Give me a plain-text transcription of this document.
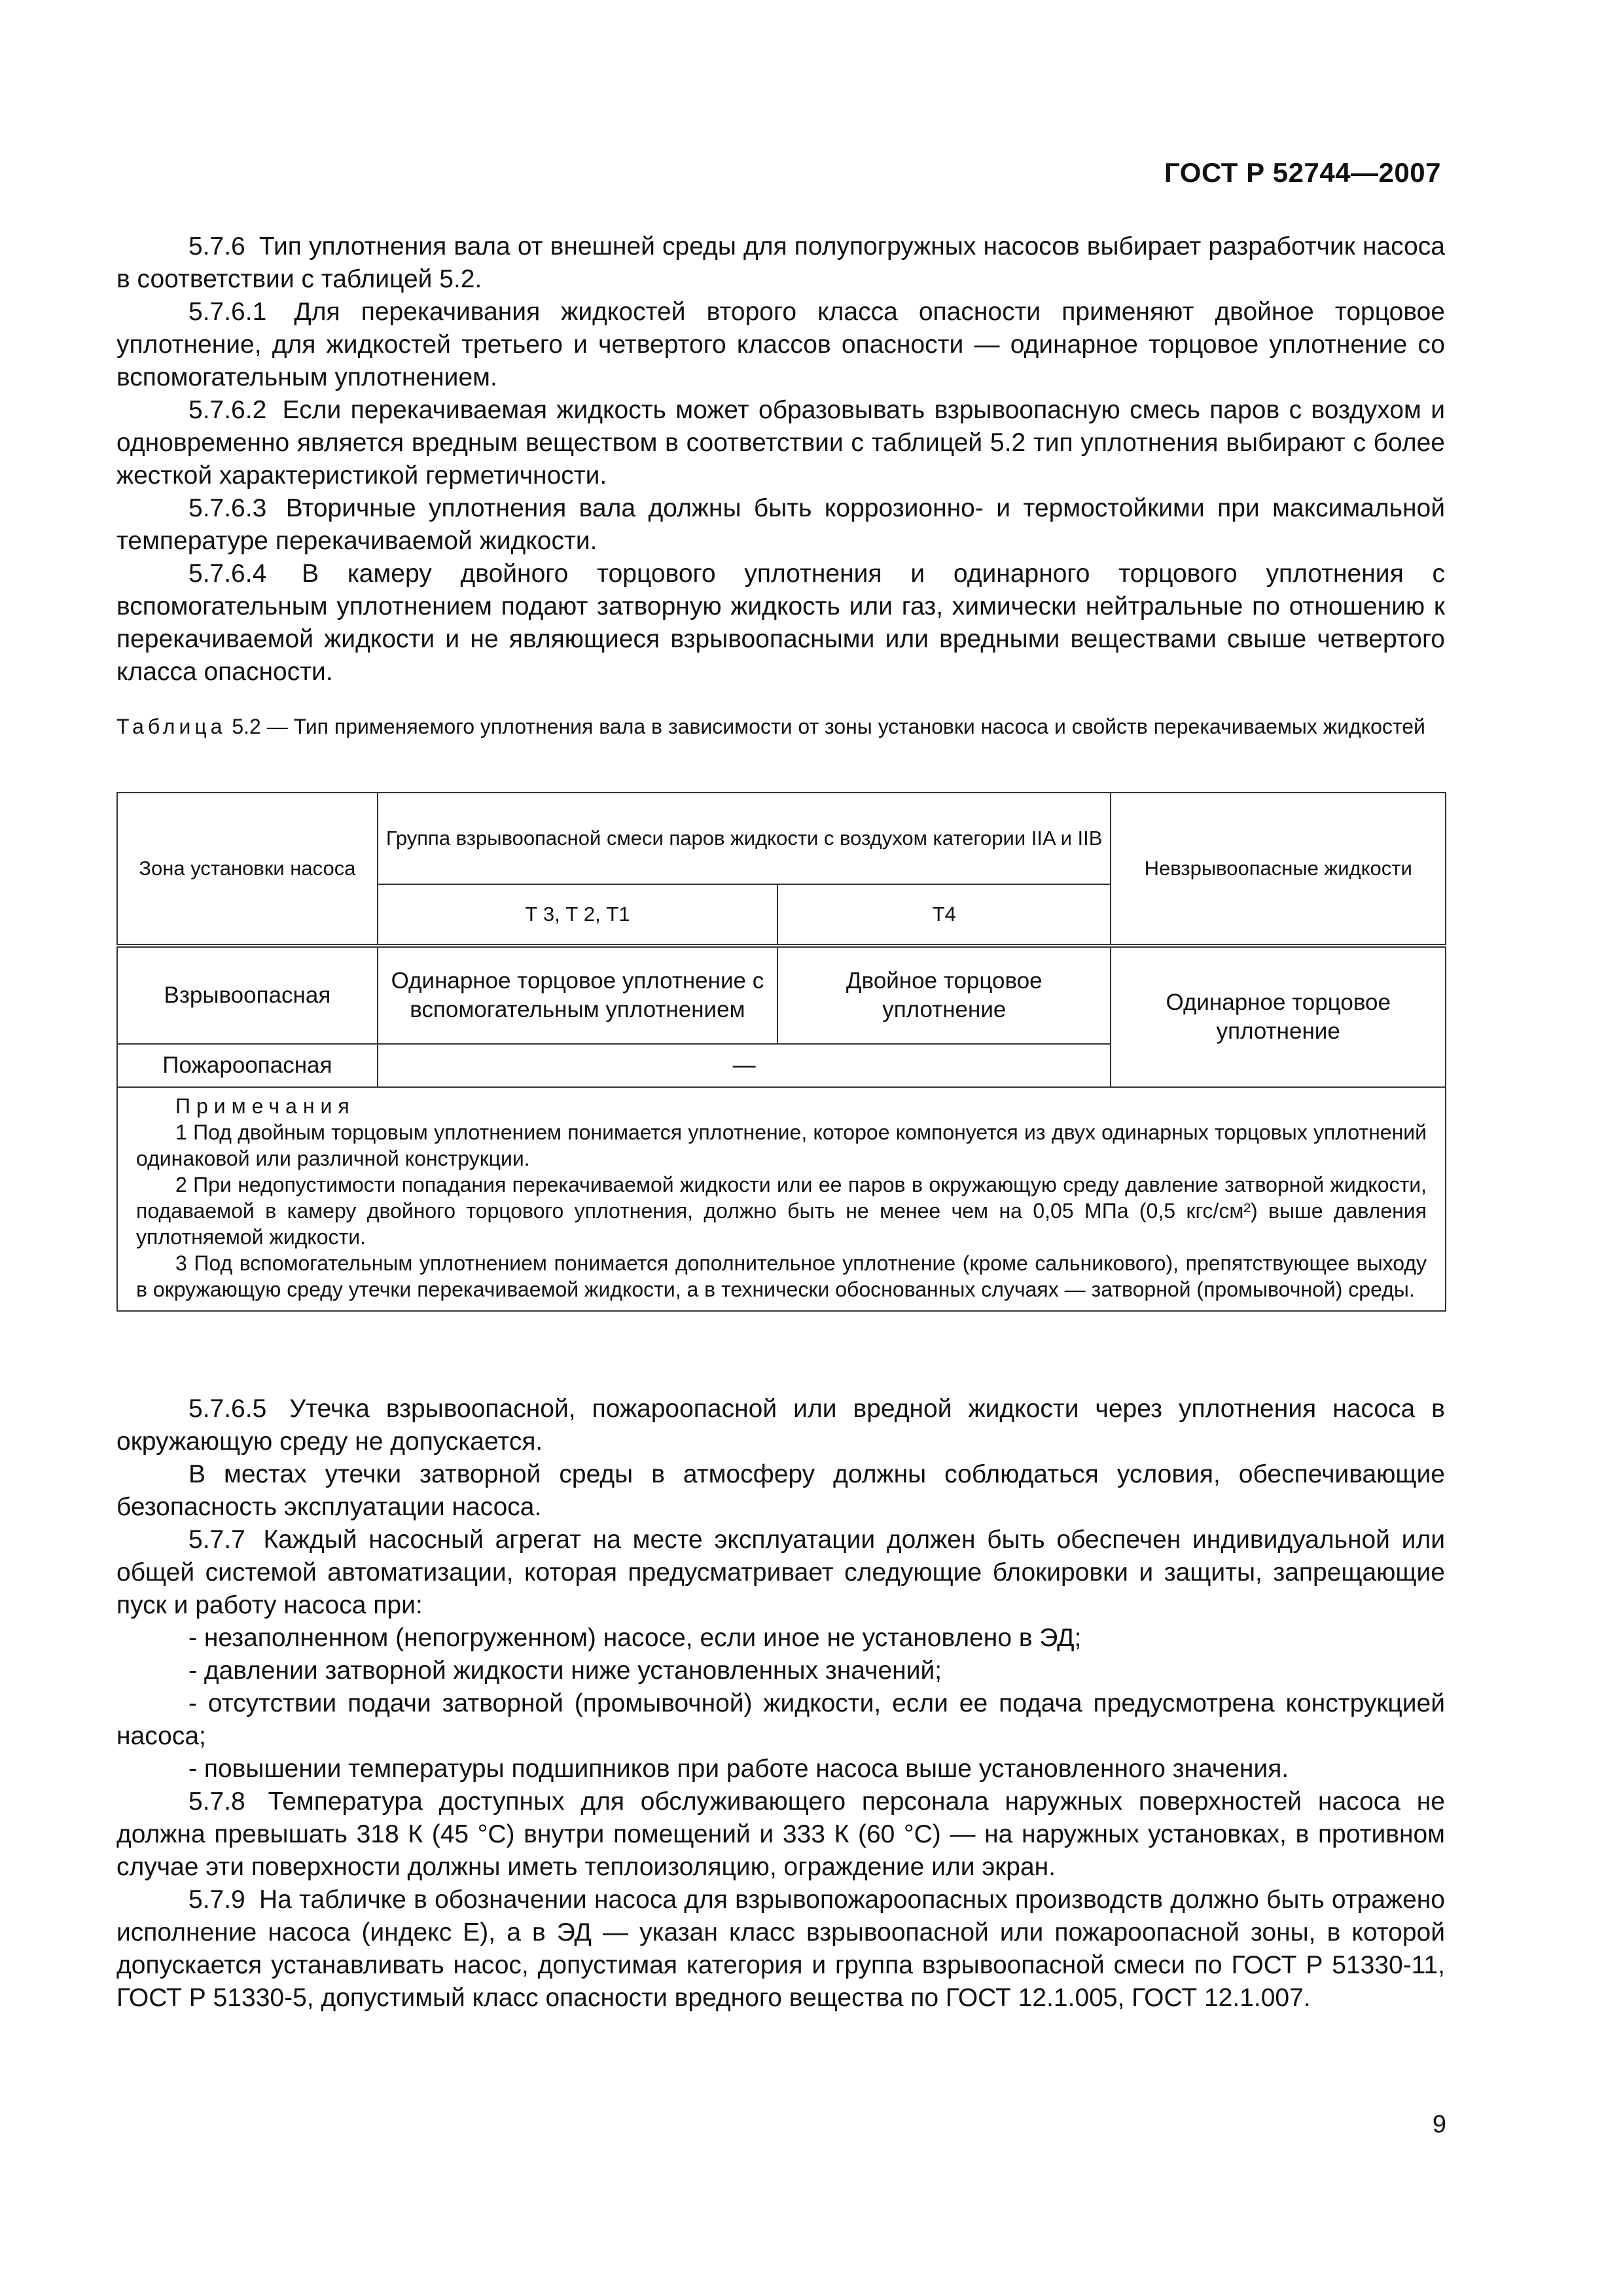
ГОСТ Р 52744—2007

5.7.6 Тип уплотнения вала от внешней среды для полупогружных насосов выбирает разработчик насоса в соответствии с таблицей 5.2.

5.7.6.1 Для перекачивания жидкостей второго класса опасности применяют двойное торцовое уплотнение, для жидкостей третьего и четвертого классов опасности — одинарное торцовое уплотнение со вспомогательным уплотнением.

5.7.6.2 Если перекачиваемая жидкость может образовывать взрывоопасную смесь паров с воздухом и одновременно является вредным веществом в соответствии с таблицей 5.2 тип уплотнения выбирают с более жесткой характеристикой герметичности.

5.7.6.3 Вторичные уплотнения вала должны быть коррозионно- и термостойкими при максимальной температуре перекачиваемой жидкости.

5.7.6.4 В камеру двойного торцового уплотнения и одинарного торцового уплотнения с вспомогательным уплотнением подают затворную жидкость или газ, химически нейтральные по отношению к перекачиваемой жидкости и не являющиеся взрывоопасными или вредными веществами свыше четвертого класса опасности.

Таблица 5.2 — Тип применяемого уплотнения вала в зависимости от зоны установки насоса и свойств перекачиваемых жидкостей
Зона установки насоса	Группа взрывоопасной смеси паров жидкости с воздухом категории IIA и IIB		Невзрывоопасные жидкости
	Т 3, Т 2, Т1	Т4	
Взрывоопасная	Одинарное торцовое уплотнение с вспомогательным уплотнением	Двойное торцовое уплотнение	Одинарное торцовое уплотнение
Пожароопасная	—		

Примечания

1 Под двойным торцовым уплотнением понимается уплотнение, которое компонуется из двух одинарных торцовых уплотнений одинаковой или различной конструкции.

2 При недопустимости попадания перекачиваемой жидкости или ее паров в окружающую среду давление затворной жидкости, подаваемой в камеру двойного торцового уплотнения, должно быть не менее чем на 0,05 МПа (0,5 кгс/см²) выше давления уплотняемой жидкости.

3 Под вспомогательным уплотнением понимается дополнительное уплотнение (кроме сальникового), препятствующее выходу в окружающую среду утечки перекачиваемой жидкости, а в технически обоснованных случаях — затворной (промывочной) среды.			

5.7.6.5 Утечка взрывоопасной, пожароопасной или вредной жидкости через уплотнения насоса в окружающую среду не допускается.

В местах утечки затворной среды в атмосферу должны соблюдаться условия, обеспечивающие безопасность эксплуатации насоса.

5.7.7 Каждый насосный агрегат на месте эксплуатации должен быть обеспечен индивидуальной или общей системой автоматизации, которая предусматривает следующие блокировки и защиты, запрещающие пуск и работу насоса при:

- незаполненном (непогруженном) насосе, если иное не установлено в ЭД;

- давлении затворной жидкости ниже установленных значений;

- отсутствии подачи затворной (промывочной) жидкости, если ее подача предусмотрена конструкцией насоса;

- повышении температуры подшипников при работе насоса выше установленного значения.

5.7.8 Температура доступных для обслуживающего персонала наружных поверхностей насоса не должна превышать 318 К (45 °С) внутри помещений и 333 К (60 °С) — на наружных установках, в противном случае эти поверхности должны иметь теплоизоляцию, ограждение или экран.

5.7.9 На табличке в обозначении насоса для взрывопожароопасных производств должно быть отражено исполнение насоса (индекс Е), а в ЭД — указан класс взрывоопасной или пожароопасной зоны, в которой допускается устанавливать насос, допустимая категория и группа взрывоопасной смеси по ГОСТ Р 51330-11, ГОСТ Р 51330-5, допустимый класс опасности вредного вещества по ГОСТ 12.1.005, ГОСТ 12.1.007.

9
